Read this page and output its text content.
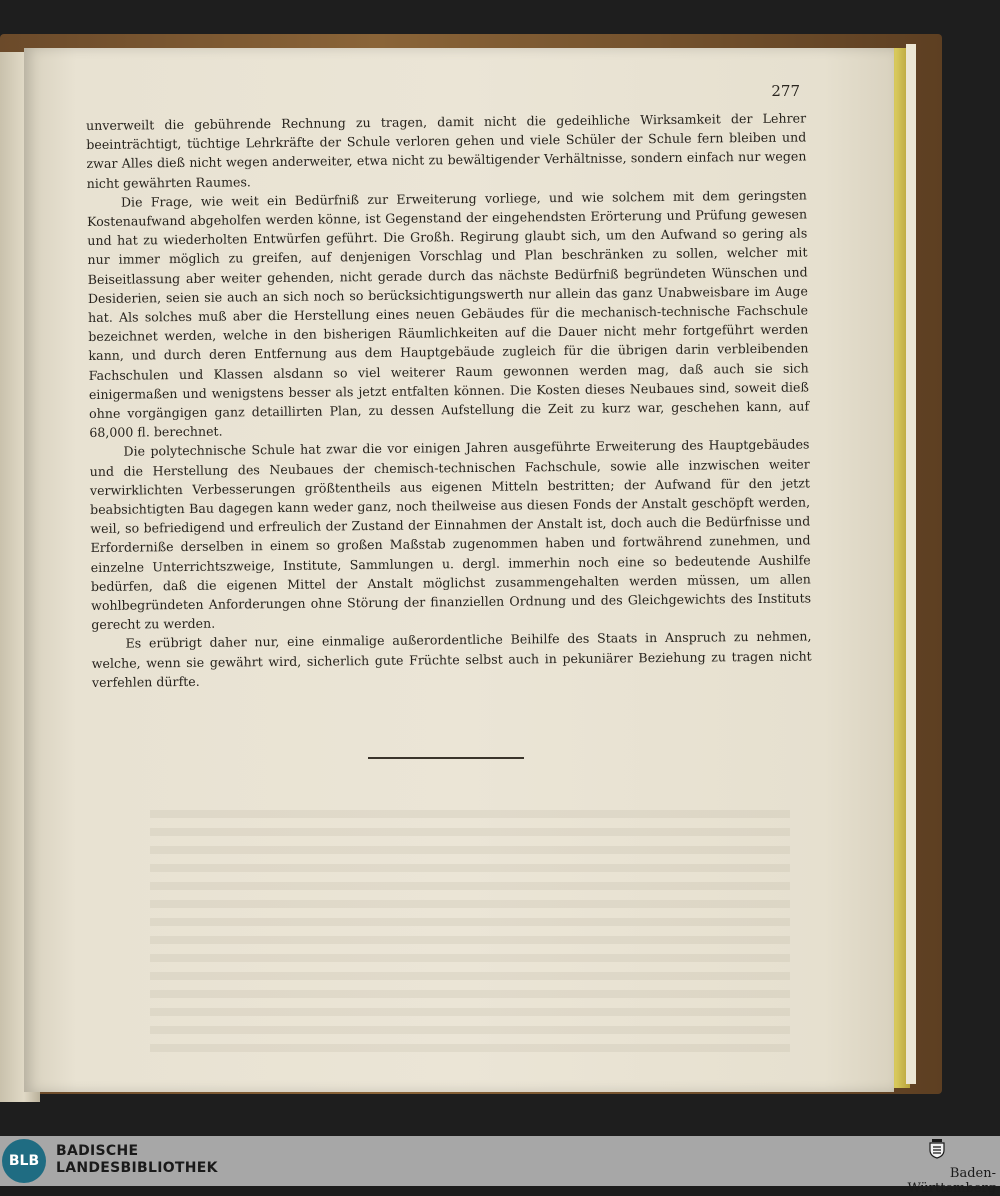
277

unverweilt die gebührende Rechnung zu tragen, damit nicht die gedeihliche Wirksamkeit der Lehrer beeinträchtigt, tüchtige Lehrkräfte der Schule verloren gehen und viele Schüler der Schule fern bleiben und zwar Alles dieß nicht wegen anderweiter, etwa nicht zu bewältigender Verhältnisse, sondern einfach nur wegen nicht gewährten Raumes.

Die Frage, wie weit ein Bedürfniß zur Erweiterung vorliege, und wie solchem mit dem geringsten Kostenaufwand abgeholfen werden könne, ist Gegenstand der eingehendsten Erörterung und Prüfung gewesen und hat zu wiederholten Entwürfen geführt. Die Großh. Regirung glaubt sich, um den Aufwand so gering als nur immer möglich zu greifen, auf denjenigen Vorschlag und Plan beschränken zu sollen, welcher mit Beiseitlassung aber weiter gehenden, nicht gerade durch das nächste Bedürfniß begründeten Wünschen und Desiderien, seien sie auch an sich noch so berücksichtigungswerth nur allein das ganz Unabweisbare im Auge hat. Als solches muß aber die Herstellung eines neuen Gebäudes für die mechanisch-technische Fachschule bezeichnet werden, welche in den bisherigen Räumlichkeiten auf die Dauer nicht mehr fortgeführt werden kann, und durch deren Entfernung aus dem Hauptgebäude zugleich für die übrigen darin verbleibenden Fachschulen und Klassen alsdann so viel weiterer Raum gewonnen werden mag, daß auch sie sich einigermaßen und wenigstens besser als jetzt entfalten können. Die Kosten dieses Neubaues sind, soweit dieß ohne vorgängigen ganz detaillirten Plan, zu dessen Aufstellung die Zeit zu kurz war, geschehen kann, auf 68,000 fl. berechnet.

Die polytechnische Schule hat zwar die vor einigen Jahren ausgeführte Erweiterung des Hauptgebäudes und die Herstellung des Neubaues der chemisch-technischen Fachschule, sowie alle inzwischen weiter verwirklichten Verbesserungen größtentheils aus eigenen Mitteln bestritten; der Aufwand für den jetzt beabsichtigten Bau dagegen kann weder ganz, noch theilweise aus diesen Fonds der Anstalt geschöpft werden, weil, so befriedigend und erfreulich der Zustand der Einnahmen der Anstalt ist, doch auch die Bedürfnisse und Erforderniße derselben in einem so großen Maßstab zugenommen haben und fortwährend zunehmen, und einzelne Unterrichtszweige, Institute, Sammlungen u. dergl. immerhin noch eine so bedeutende Aushilfe bedürfen, daß die eigenen Mittel der Anstalt möglichst zusammengehalten werden müssen, um allen wohlbegründeten Anforderungen ohne Störung der finanziellen Ordnung und des Gleichgewichts des Instituts gerecht zu werden.

Es erübrigt daher nur, eine einmalige außerordentliche Beihilfe des Staats in Anspruch zu nehmen, welche, wenn sie gewährt wird, sicherlich gute Früchte selbst auch in pekuniärer Beziehung zu tragen nicht verfehlen dürfte.

BLB
BADISCHE
LANDESBIBLIOTHEK	Baden-Württemberg
